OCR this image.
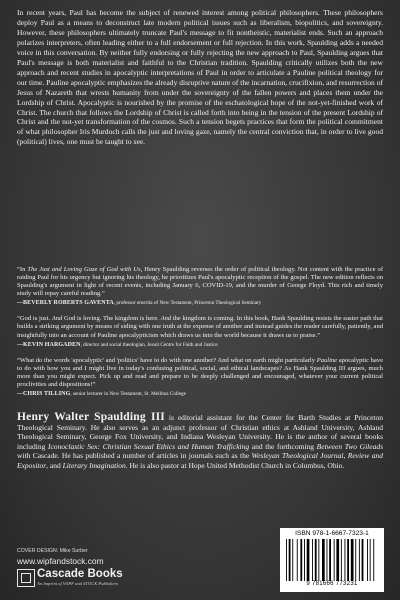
In recent years, Paul has become the subject of renewed interest among political philosophers. These philosophers deploy Paul as a means to deconstruct late modern political issues such as liberalism, biopolitics, and sovereignty. However, these philosophers ultimately truncate Paul's message to fit nontheistic, materialist ends. Such an approach polarizes interpreters, often leading either to a full endorsement or full rejection. In this work, Spaulding adds a needed voice in this conversation. By neither fully endorsing or fully rejecting the new approach to Paul, Spaulding argues that Paul's message is both materialist and faithful to the Christian tradition. Spaulding critically utilizes both the new approach and recent studies in apocalyptic interpretations of Paul in order to articulate a Pauline political theology for our time. Pauline apocalyptic emphasizes the already disruptive nature of the incarnation, crucifixion, and resurrection of Jesus of Nazareth that wrests humanity from under the sovereignty of the fallen powers and places them under the Lordship of Christ. Apocalyptic is nourished by the promise of the eschatological hope of the not-yet-finished work of Christ. The church that follows the Lordship of Christ is called forth into being in the tension of the present Lordship of Christ and the not-yet transformation of the cosmos. Such a tension begets practices that form the political commitment of what philosopher Iris Murdoch calls the just and loving gaze, namely the central conviction that, in order to live good (political) lives, one must be taught to see.

“In The Just and Loving Gaze of God with Us, Henry Spaulding reverses the order of political theology. Not content with the practice of raiding Paul for his urgency but ignoring his theology, he prioritizes Paul's apocalyptic reception of the gospel. The new edition reflects on Spaulding's argument in light of recent events, including January 6, COVID-19, and the murder of George Floyd. This rich and timely study will repay careful reading.”

—BEVERLY ROBERTS GAVENTA, professor emerita of New Testament, Princeton Theological Seminary

“God is just. And God is loving. The kingdom is here. And the kingdom is coming. In this book, Hank Spaulding resists the easier path that builds a striking argument by means of siding with one truth at the expense of another and instead guides the reader carefully, patiently, and insightfully into an account of Pauline apocalypticism which draws us into the world because it draws us to praise.”

—KEVIN HARGADEN, director and social theologian, Jesuit Centre for Faith and Justice

“What do the words 'apocalyptic' and 'politics' have to do with one another? And what on earth might particularly Pauline apocalyptic have to do with how you and I might live in today's confusing political, social, and ethical landscapes? As Hank Spaulding III argues, much more than you might expect. Pick up and read and prepare to be deeply challenged and encouraged, whatever your current political proclivities and dispositions!”

—CHRIS TILLING, senior lecturer in New Testament, St. Mellitus College

Henry Walter Spaulding III is editorial assistant for the Center for Barth Studies at Princeton Theological Seminary. He also serves as an adjunct professor of Christian ethics at Ashland University, Ashland Theological Seminary, George Fox University, and Indiana Wesleyan University. He is the author of several books including Iconoclastic Sex: Christian Sexual Ethics and Human Trafficking and the forthcoming Between Two Gileads with Cascade. He has published a number of articles in journals such as the Wesleyan Theological Journal, Review and Expositor, and Literary Imagination. He is also pastor at Hope United Methodist Church in Columbus, Ohio.
COVER DESIGN: Mike Surber
www.wipfandstock.com
Cascade Books
An Imprint of WIPF and STOCK Publishers
ISBN 978-1-6667-7323-1
9 781666 773231
